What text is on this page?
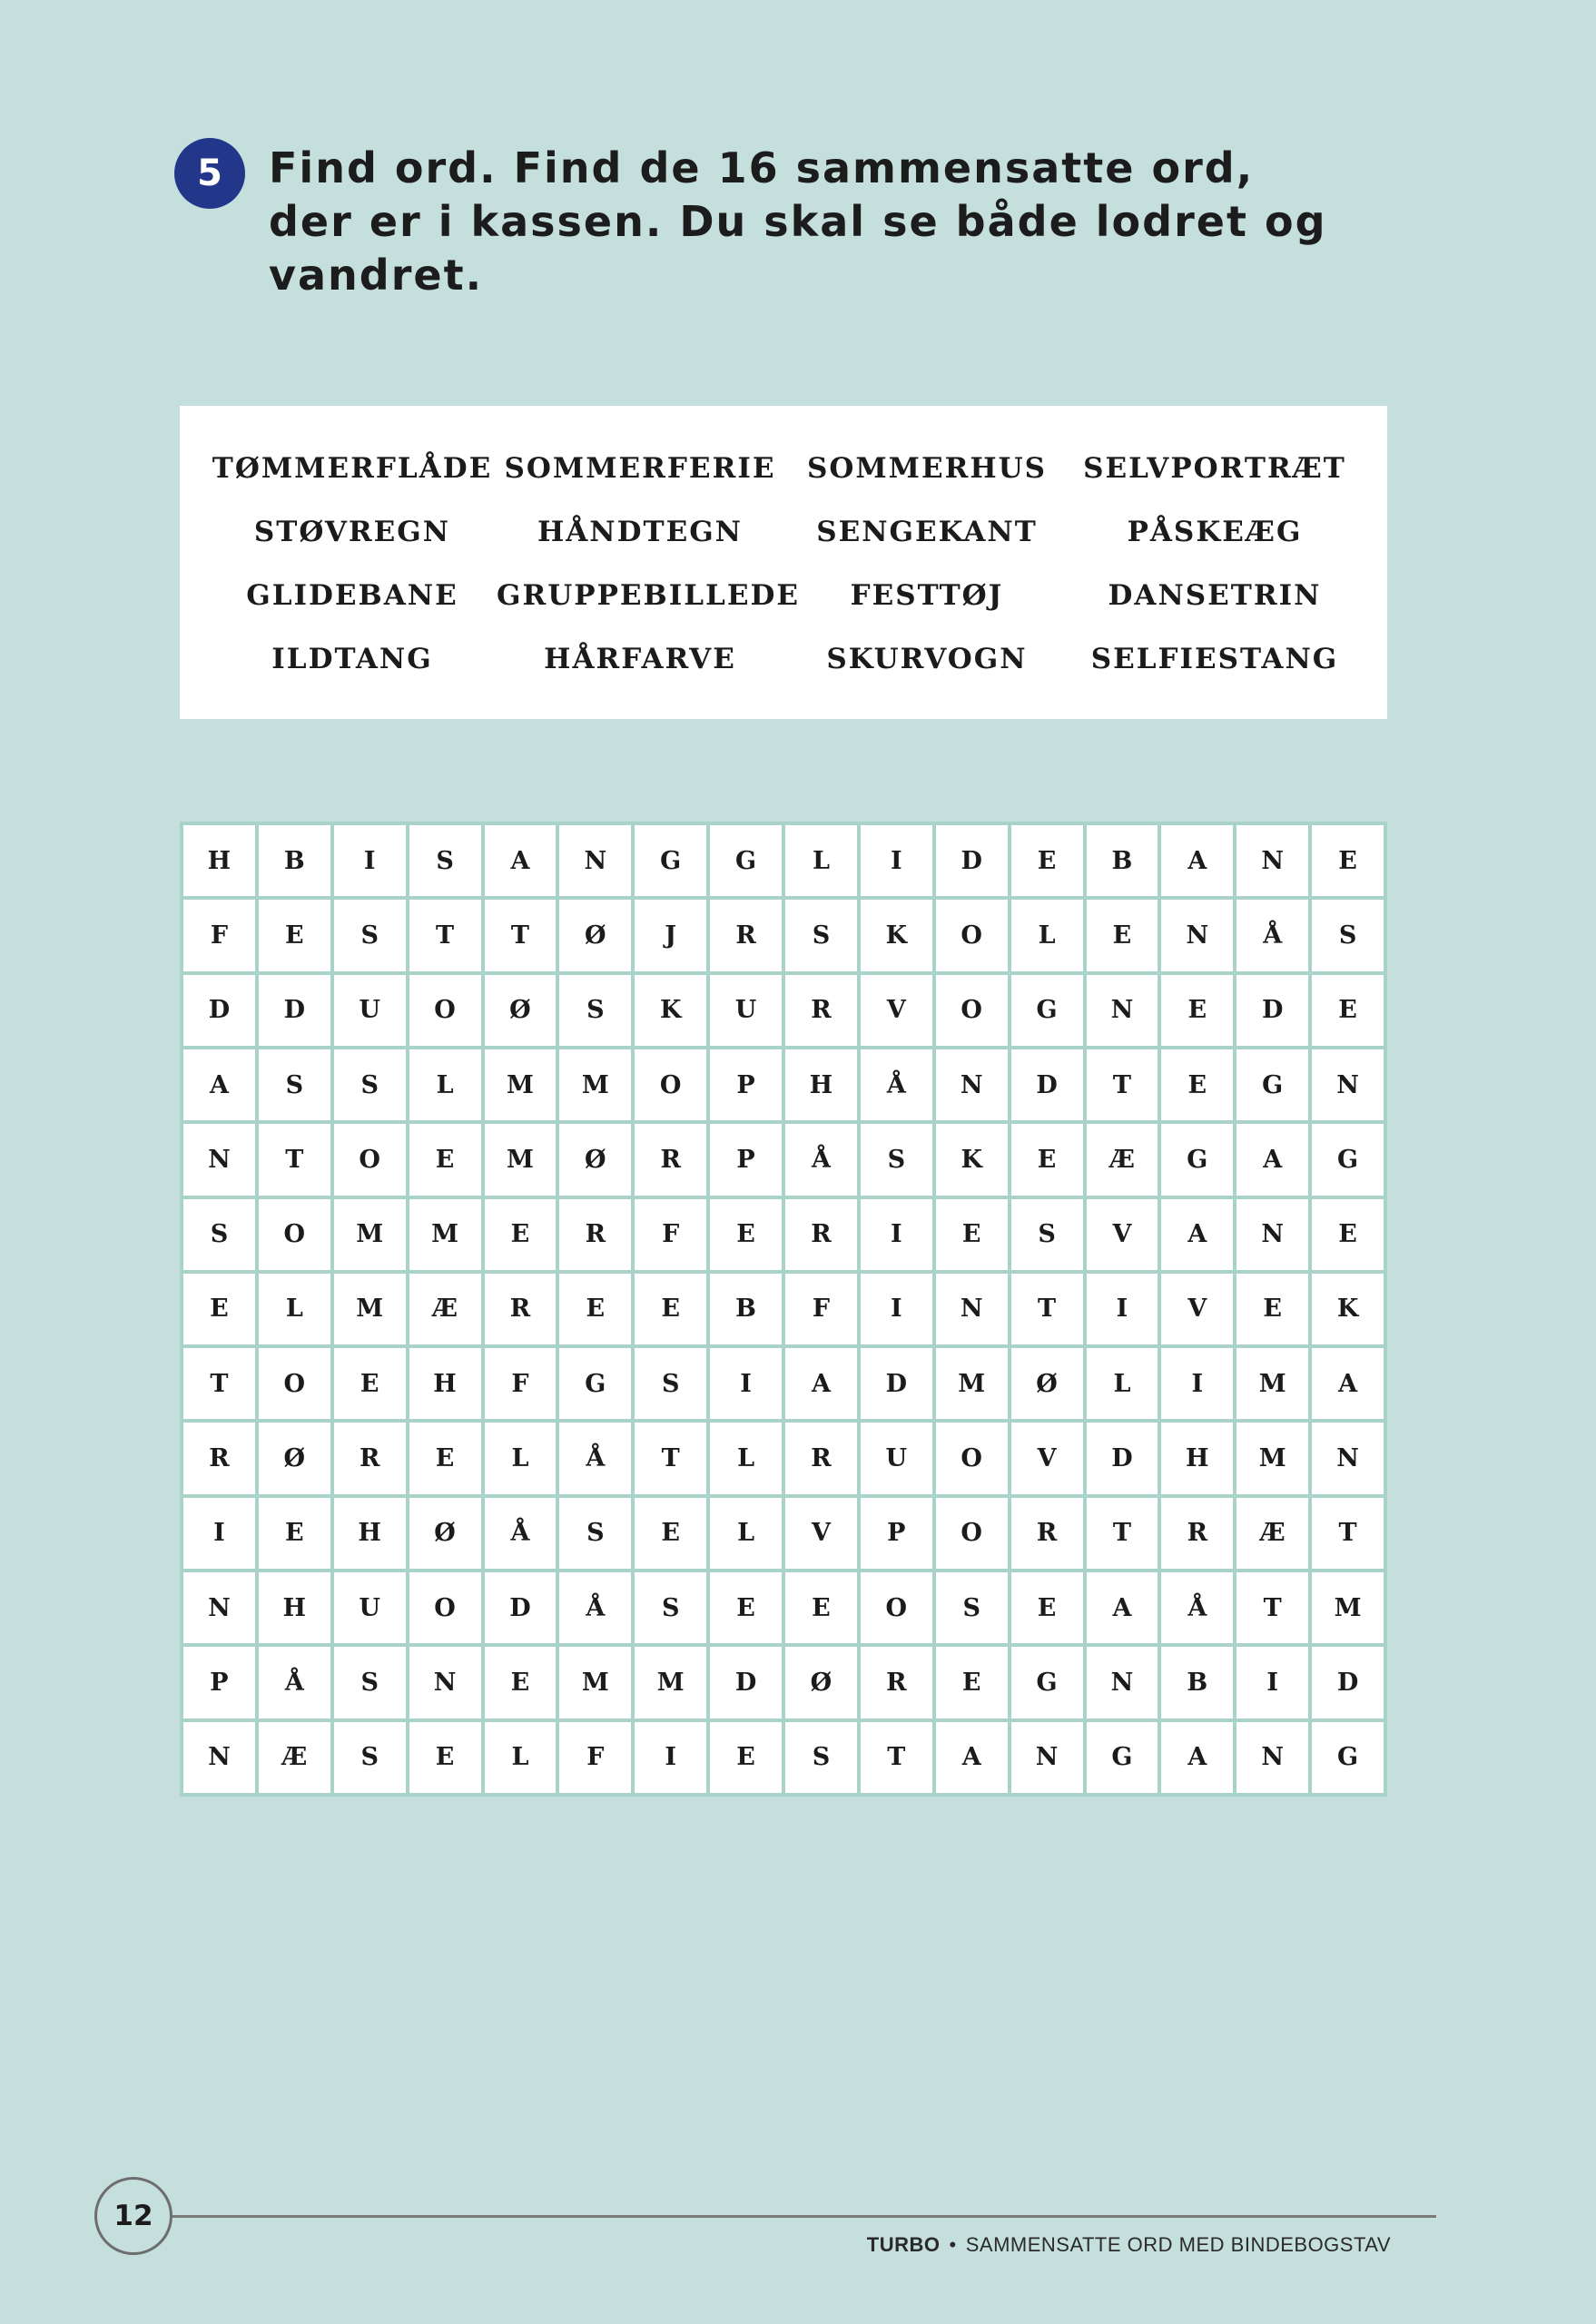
5 Find ord. Find de 16 sammensatte ord, der er i kassen. Du skal se både lodret og vandret.
TØMMERFLÅDE SOMMERFERIE	SOMMERHUS	SELVPORTRÆT
STØVREGN	HÅNDTEGN	SENGEKANT	PÅSKEÆG
GLIDEBANE	GRUPPEBILLEDE	FESTTØJ	DANSETRIN
ILDTANG	HÅRFARVE	SKURVOGN	SELFIESTANG
H	B	I	S	A	N	G	G	L	I	D	E	B	A	N	E
F	E	S	T	T	Ø	J	R	S	K	O	L	E	N	Å	S
D	D	U	O	Ø	S	K	U	R	V	O	G	N	E	D	E
A	S	S	L	M	M	O	P	H	Å	N	D	T	E	G	N
N	T	O	E	M	Ø	R	P	Å	S	K	E	Æ	G	A	G
S	O	M	M	E	R	F	E	R	I	E	S	V	A	N	E
E	L	M	Æ	R	E	E	B	F	I	N	T	I	V	E	K
T	O	E	H	F	G	S	I	A	D	M	Ø	L	I	M	A
R	Ø	R	E	L	Å	T	L	R	U	O	V	D	H	M	N
I	E	H	Ø	Å	S	E	L	V	P	O	R	T	R	Æ	T
N	H	U	O	D	Å	S	E	E	O	S	E	A	Å	T	M
P	Å	S	N	E	M	M	D	Ø	R	E	G	N	B	I	D
N	Æ	S	E	L	F	I	E	S	T	A	N	G	A	N	G
12
TURBO • SAMMENSATTE ORD MED BINDEBOGSTAV
